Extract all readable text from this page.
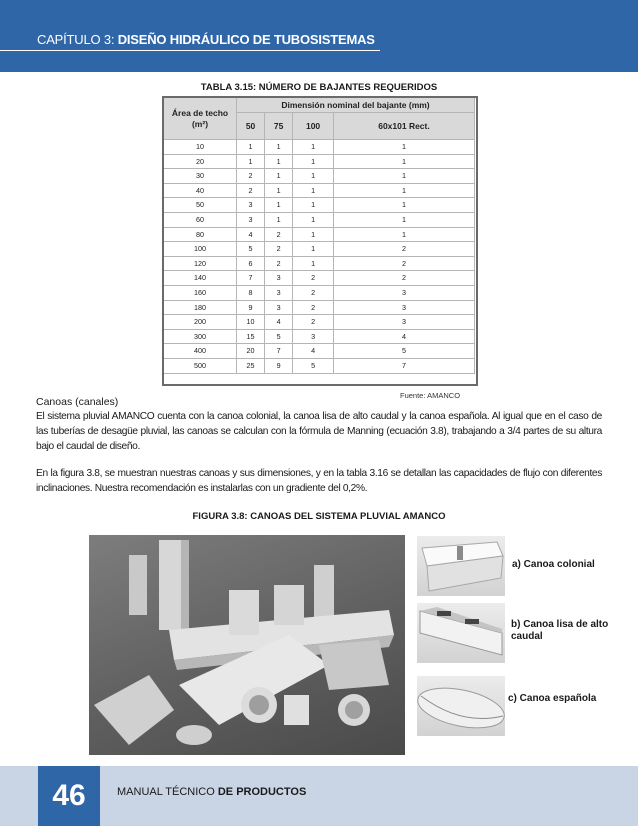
CAPÍTULO 3: DISEÑO HIDRÁULICO DE TUBOSISTEMAS
TABLA 3.15: NÚMERO DE BAJANTES REQUERIDOS
Área de techo (m²)	Dimensión nominal del bajante (mm)			
	50	75	100	60x101 Rect.
10	1	1	1	1
20	1	1	1	1
30	2	1	1	1
40	2	1	1	1
50	3	1	1	1
60	3	1	1	1
80	4	2	1	1
100	5	2	1	2
120	6	2	1	2
140	7	3	2	2
160	8	3	2	3
180	9	3	2	3
200	10	4	2	3
300	15	5	3	4
400	20	7	4	5
500	25	9	5	7
Fuente: AMANCO
Canoas (canales)
El sistema pluvial AMANCO cuenta con la canoa colonial, la canoa lisa de alto caudal y la canoa española. Al igual que en el caso de las tuberías de desagüe pluvial, las canoas se calculan con la fórmula de Manning (ecuación 3.8), trabajando a 3/4 partes de su altura bajo el caudal de diseño.
En la figura 3.8, se muestran nuestras canoas y sus dimensiones, y en la tabla 3.16 se detallan las capacidades de flujo con diferentes inclinaciones. Nuestra recomendación es instalarlas con un gradiente del 0,2%.
FIGURA 3.8: CANOAS DEL SISTEMA PLUVIAL AMANCO
a) Canoa colonial
b) Canoa lisa de alto caudal
c) Canoa española
46	MANUAL TÉCNICO DE PRODUCTOS
